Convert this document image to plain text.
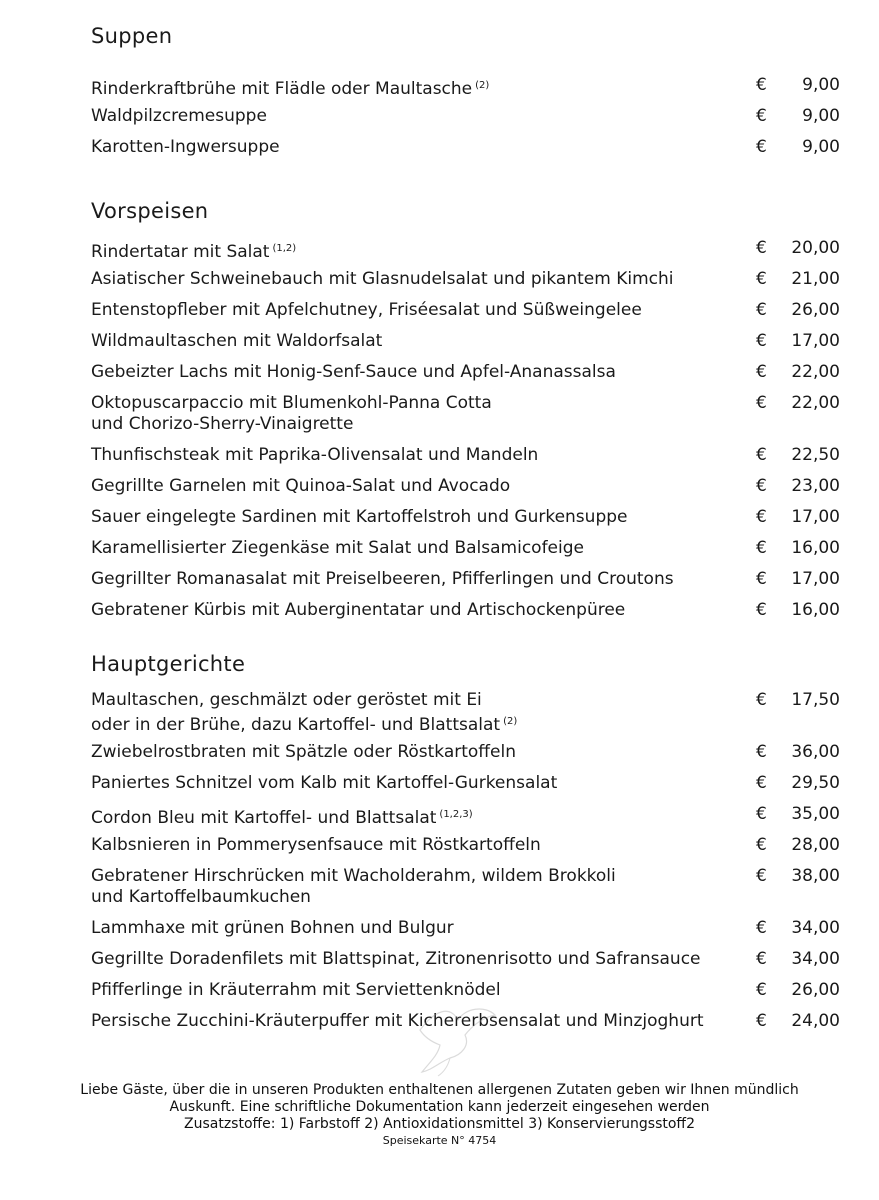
Suppen
Rinderkraftbrühe mit Flädle oder Maultasche $^{(2)}$	€ 9,00
Waldpilzcremesuppe	€ 9,00
Karotten-Ingwersuppe	€ 9,00
Vorspeisen
Rindertatar mit Salat $^{(1,2)}$	€ 20,00
Asiatischer Schweinebauch mit Glasnudelsalat und pikantem Kimchi	€ 21,00
Entenstopfleber mit Apfelchutney, Friséesalat und Süßweingelee	€ 26,00
Wildmaultaschen mit Waldorfsalat	€ 17,00
Gebeizter Lachs mit Honig-Senf-Sauce und Apfel-Ananassalsa	€ 22,00
Oktopuscarpaccio mit Blumenkohl-Panna Cotta
und Chorizo-Sherry-Vinaigrette
€ 22,00
Thunfischsteak mit Paprika-Olivensalat und Mandeln	€ 22,50
Gegrillte Garnelen mit Quinoa-Salat und Avocado	€ 23,00
Sauer eingelegte Sardinen mit Kartoffelstroh und Gurkensuppe	€ 17,00
Karamellisierter Ziegenkäse mit Salat und Balsamicofeige	€ 16,00
Gegrillter Romanasalat mit Preiselbeeren, Pfifferlingen und Croutons	€ 17,00
Gebratener Kürbis mit Auberginentatar und Artischockenpüree	€ 16,00
Hauptgerichte
Maultaschen, geschmälzt oder geröstet mit Ei
oder in der Brühe, dazu Kartoffel- und Blattsalat $^{(2)}$
€ 17,50
Zwiebelrostbraten mit Spätzle oder Röstkartoffeln	€ 36,00
Paniertes Schnitzel vom Kalb mit Kartoffel-Gurkensalat	€ 29,50
Cordon Bleu mit Kartoffel- und Blattsalat $^{(1,2,3)}$	€ 35,00
Kalbsnieren in Pommerysenfsauce mit Röstkartoffeln	€ 28,00
Gebratener Hirschrücken mit Wacholderahm, wildem Brokkoli
und Kartoffelbaumkuchen
€ 38,00
Lammhaxe mit grünen Bohnen und Bulgur	€ 34,00
Gegrillte Doradenfilets mit Blattspinat, Zitronenrisotto und Safransauce	€ 34,00
Pfifferlinge in Kräuterrahm mit Serviettenknödel	€ 26,00
Persische Zucchini-Kräuterpuffer mit Kichererbsensalat und Minzjoghurt	€ 24,00
Liebe Gäste, über die in unseren Produkten enthaltenen allergenen Zutaten geben wir Ihnen mündlich
Auskunft. Eine schriftliche Dokumentation kann jederzeit eingesehen werden
Zusatzstoffe: 1) Farbstoff 2) Antioxidationsmittel 3) Konservierungsstoff2
Speisekarte N° 4754
